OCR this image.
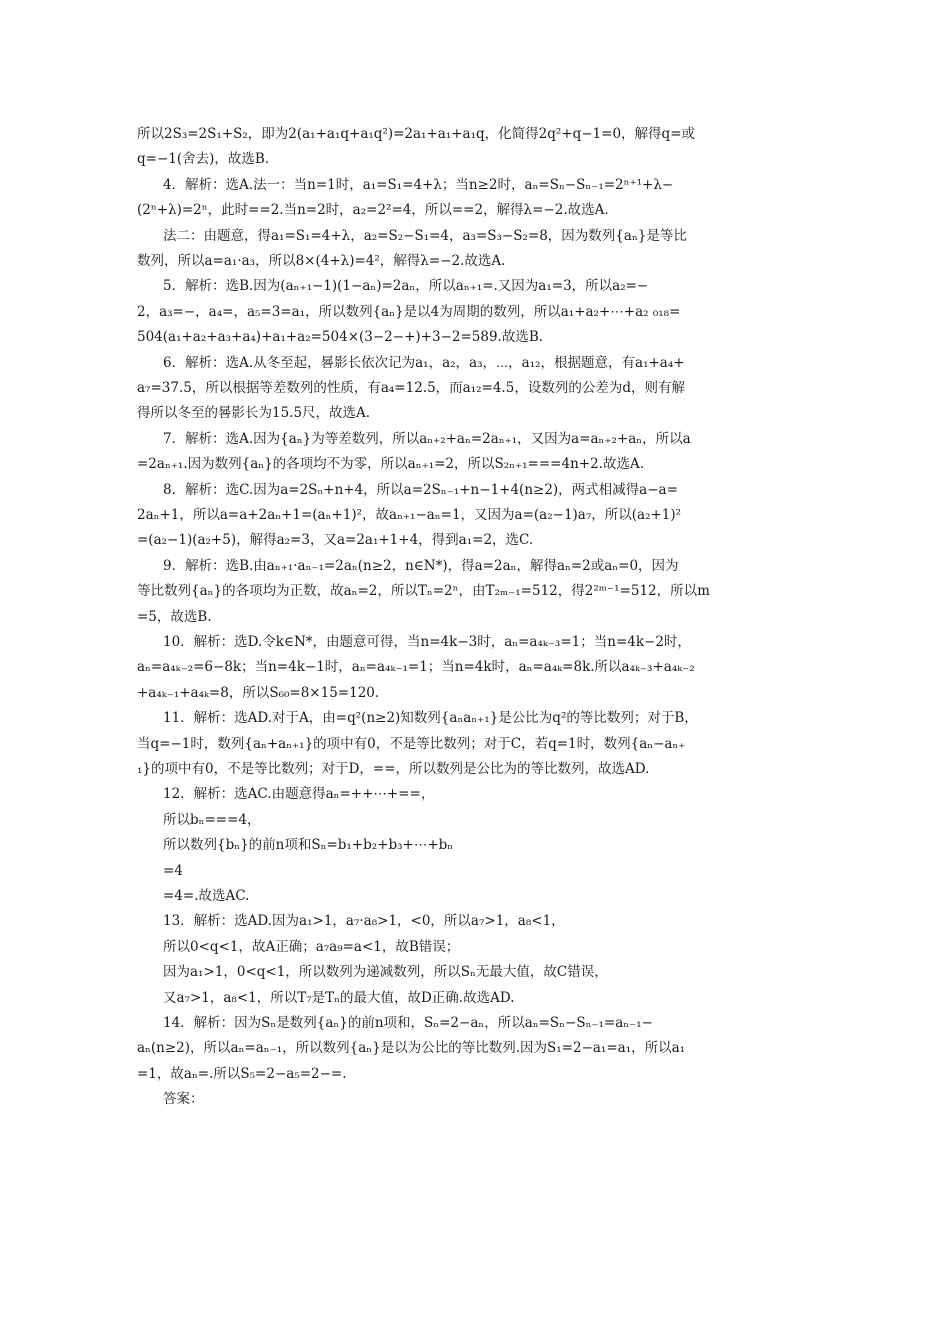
所以2S₃=2S₁+S₂，即为2(a₁+a₁q+a₁q²)=2a₁+a₁+a₁q，化简得2q²+q−1=0，解得q=或
q=−1(舍去)，故选B.
4．解析：选A.法一：当n=1时，a₁=S₁=4+λ；当n≥2时，aₙ=Sₙ−Sₙ₋₁=2ⁿ⁺¹+λ−
(2ⁿ+λ)=2ⁿ，此时==2.当n=2时，a₂=2²=4，所以==2，解得λ=−2.故选A.
法二：由题意，得a₁=S₁=4+λ，a₂=S₂−S₁=4，a₃=S₃−S₂=8，因为数列{aₙ}是等比
数列，所以a=a₁·a₃，所以8×(4+λ)=4²，解得λ=−2.故选A.
5．解析：选B.因为(aₙ₊₁−1)(1−aₙ)=2aₙ，所以aₙ₊₁=.又因为a₁=3，所以a₂=−
2，a₃=−，a₄=，a₅=3=a₁，所以数列{aₙ}是以4为周期的数列，所以a₁+a₂+⋯+a₂ ₀₁₈=
504(a₁+a₂+a₃+a₄)+a₁+a₂=504×(3−2−+)+3−2=589.故选B.
6．解析：选A.从冬至起，晷影长依次记为a₁，a₂，a₃，⋯，a₁₂，根据题意，有a₁+a₄+
a₇=37.5，所以根据等差数列的性质，有a₄=12.5，而a₁₂=4.5，设数列的公差为d，则有解
得所以冬至的晷影长为15.5尺，故选A.
7．解析：选A.因为{aₙ}为等差数列，所以aₙ₊₂+aₙ=2aₙ₊₁，又因为a=aₙ₊₂+aₙ，所以a
=2aₙ₊₁.因为数列{aₙ}的各项均不为零，所以aₙ₊₁=2，所以S₂ₙ₊₁===4n+2.故选A.
8．解析：选C.因为a=2Sₙ+n+4，所以a=2Sₙ₋₁+n−1+4(n≥2)，两式相减得a−a=
2aₙ+1，所以a=a+2aₙ+1=(aₙ+1)²，故aₙ₊₁−aₙ=1，又因为a=(a₂−1)a₇，所以(a₂+1)²
=(a₂−1)(a₂+5)，解得a₂=3，又a=2a₁+1+4，得到a₁=2，选C.
9．解析：选B.由aₙ₊₁·aₙ₋₁=2aₙ(n≥2，n∈N*)，得a=2aₙ，解得aₙ=2或aₙ=0，因为
等比数列{aₙ}的各项均为正数，故aₙ=2，所以Tₙ=2ⁿ，由T₂ₘ₋₁=512，得2²ᵐ⁻¹=512，所以m
=5，故选B.
10．解析：选D.令k∈N*，由题意可得，当n=4k−3时，aₙ=a₄ₖ₋₃=1；当n=4k−2时，
aₙ=a₄ₖ₋₂=6−8k；当n=4k−1时，aₙ=a₄ₖ₋₁=1；当n=4k时，aₙ=a₄ₖ=8k.所以a₄ₖ₋₃+a₄ₖ₋₂
+a₄ₖ₋₁+a₄ₖ=8，所以S₆₀=8×15=120.
11．解析：选AD.对于A，由=q²(n≥2)知数列{aₙaₙ₊₁}是公比为q²的等比数列；对于B，
当q=−1时，数列{aₙ+aₙ₊₁}的项中有0，不是等比数列；对于C，若q=1时，数列{aₙ−aₙ₊
₁}的项中有0，不是等比数列；对于D，==，所以数列是公比为的等比数列，故选AD.
12．解析：选AC.由题意得aₙ=++⋯+==，
所以bₙ===4，
所以数列{bₙ}的前n项和Sₙ=b₁+b₂+b₃+⋯+bₙ
=4
=4=.故选AC.
13．解析：选AD.因为a₁>1，a₇·a₈>1，<0，所以a₇>1，a₈<1，
所以0<q<1，故A正确；a₇a₉=a<1，故B错误；
因为a₁>1，0<q<1，所以数列为递减数列，所以Sₙ无最大值，故C错误，
又a₇>1，a₈<1，所以T₇是Tₙ的最大值，故D正确.故选AD.
14．解析：因为Sₙ是数列{aₙ}的前n项和，Sₙ=2−aₙ，所以aₙ=Sₙ−Sₙ₋₁=aₙ₋₁−
aₙ(n≥2)，所以aₙ=aₙ₋₁，所以数列{aₙ}是以为公比的等比数列.因为S₁=2−a₁=a₁，所以a₁
=1，故aₙ=.所以S₅=2−a₅=2−=.
答案：
